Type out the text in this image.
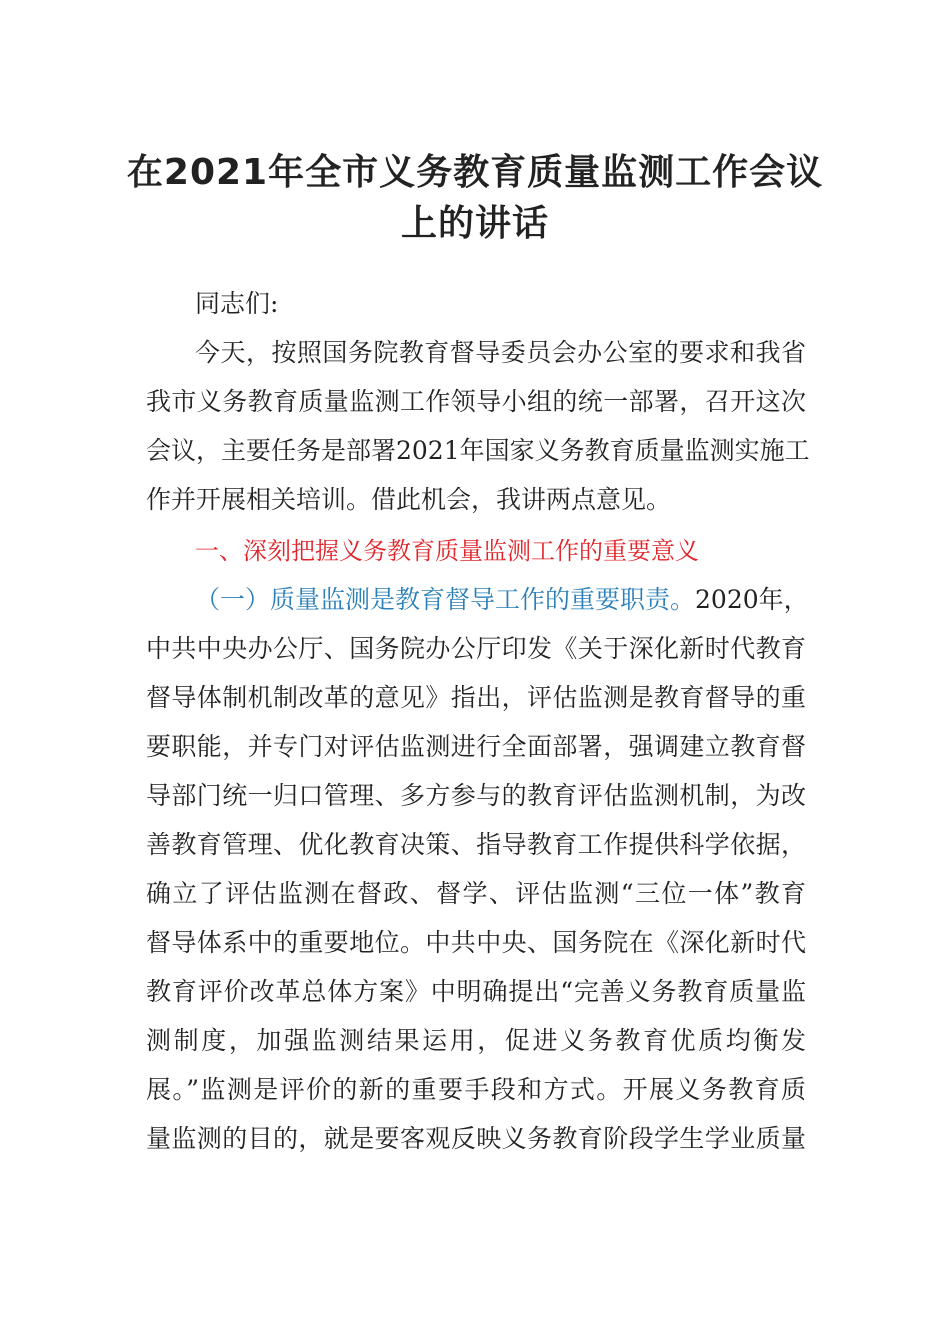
在2021年全市义务教育质量监测工作会议
上的讲话
同志们:
今天，按照国务院教育督导委员会办公室的要求和我省
我市义务教育质量监测工作领导小组的统一部署，召开这次
会议，主要任务是部署2021年国家义务教育质量监测实施工
作并开展相关培训。借此机会，我讲两点意见。
一、深刻把握义务教育质量监测工作的重要意义
（一）质量监测是教育督导工作的重要职责。2020年，
中共中央办公厅、国务院办公厅印发《关于深化新时代教育
督导体制机制改革的意见》指出，评估监测是教育督导的重
要职能，并专门对评估监测进行全面部署，强调建立教育督
导部门统一归口管理、多方参与的教育评估监测机制，为改
善教育管理、优化教育决策、指导教育工作提供科学依据，
确立了评估监测在督政、督学、评估监测“三位一体”教育
督导体系中的重要地位。中共中央、国务院在《深化新时代
教育评价改革总体方案》中明确提出“完善义务教育质量监
测制度，加强监测结果运用，促进义务教育优质均衡发
展。”监测是评价的新的重要手段和方式。开展义务教育质
量监测的目的，就是要客观反映义务教育阶段学生学业质量
